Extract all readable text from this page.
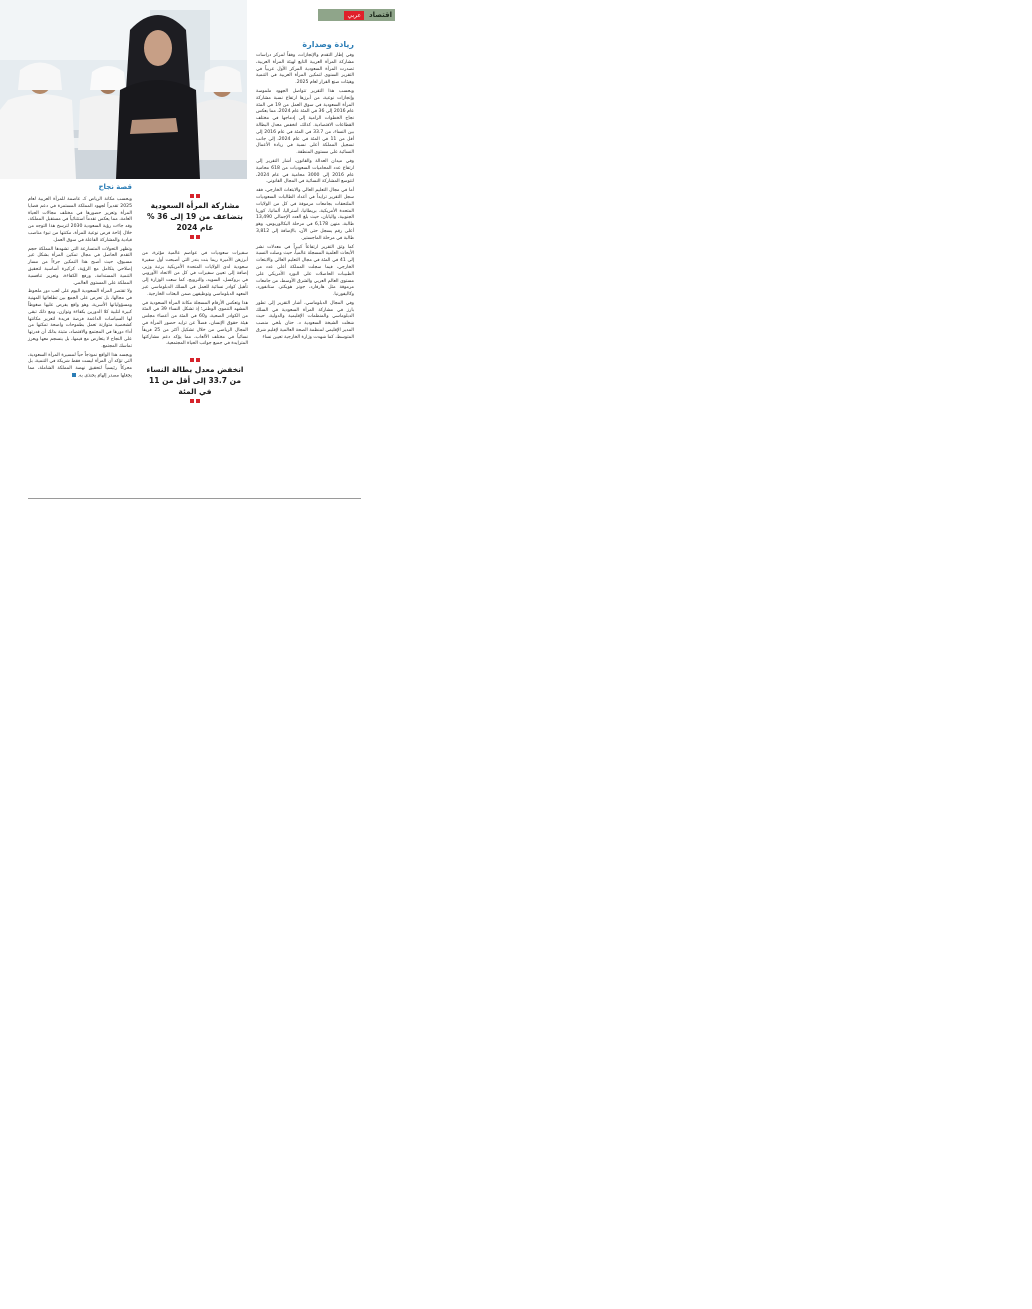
اقتصاد
عربي
ريادة وصدارة

وفي إطار التقدم والإنجازات، وفقاً لمركز دراسات مشاركة المرأة العربية التابع لهيئة المرأة العربية، تصدرت المرأة السعودية المركز الأول عربياً في التقرير السنوي لتمكين المرأة العربية في التنمية وهيئات صنع القرار لعام 2025.

وبحسب هذا التقرير تتواصل الجهود ملموسة وإنجازات نوعية، من أبرزها ارتفاع نسبة مشاركة المرأة السعودية في سوق العمل من 19 في المئة عام 2016 إلى 36 في المئة عام 2024، مما يعكس نجاح الخطوات الرامية إلى إدماجها في مختلف القطاعات الاقتصادية. كذلك، انخفض معدل البطالة بين النساء، من 33.7 في المئة في عام 2016 إلى أقل من 11 في المئة في عام 2024، إلى جانب تسجيل المملكة أعلى نسبة في ريادة الأعمال النسائية على مستوى المنطقة.

وفي ميدان العدالة والقانون، أشار التقرير إلى ارتفاع عدد المحاميات السعوديات من 618 محامية عام 2016 إلى 3000 محامية في عام 2024، لتتوسع المشاركة النسائية في المجال القانوني.

أما في مجال التعليم العالي والابتعاث الخارجي، فقد سجل التقرير تزايداً في أعداد الطالبات السعوديات الملتحقات بجامعات مرموقة في كل من الولايات المتحدة الأمريكية، بريطانيا، أستراليا، ألمانيا، كوريا الجنوبية، واليابان، حيث بلغ العدد الإجمالي 13,490 طالبة، منهن 6,178 في مرحلة البكالوريوس، وهو أعلى رقم يسجل حتى الآن، بالإضافة إلى 3,812 طالبة في مرحلة الماجستير.

كما وثق التقرير ارتفاعاً كبيراً في معدلات نشر الأبحاث العلمية المسجلة عالمياً، حيث وصلت النسبة إلى 41 في المئة في مجال التعليم العالي والابتعاث الخارجي، فيما سجلت المملكة أعلى عدد من الطبيبات الحاصلات على البورد الأمريكي على مستوى العالم العربي والشرق الأوسط، من جامعات مرموقة مثل هارفارد، جونز هوبكنز، ستانفورد، وكاليفورنيا.

وفي المجال الدبلوماسي، أشار التقرير إلى تطور بارز في مشاركة المرأة السعودية في السلك الدبلوماسي والمنظمات الإقليمية والدولية، حيث شغلت الشيخة السعودية د. حنان بلخي منصب المدير الإقليمي لمنظمة الصحة العالمية لإقليم شرق المتوسط، كما شهدت وزارة الخارجية تعيين نساء

مشاركة المرأة السعودية بتضاعف من 19 إلى 36 % عام 2024

سفيرات سعوديات في عواصم عالمية مؤثرة، من أبرزهن الأميرة ريما بنت بندر التي أصبحت أول سفيرة سعودية لدى الولايات المتحدة الأمريكية برتبة وزير، إضافة إلى تعيين سفيرات في كل من الاتحاد الأوروبي في بروكسل، السويد، والنرويج، كما سعت الوزارة إلى تأهيل كوادر نسائية للعمل في السلك الدبلوماسي عبر المعهد الدبلوماسي وتوظيفهن ضمن البعثات الخارجية.

هذا وتعكس الأرقام المسجلة مكانة المرأة السعودية في المشهد التنموي الوطني؛ إذ تشكل النساء 39 في المئة من الكوادر الصحية، و60 في المئة من أعضاء مجلس هيئة حقوق الإنسان، فضلاً عن تزايد حضور المرأة في المجال الرياضي من خلال تشكيل أكثر من 25 فريقاً نسائياً في مختلف الألعاب، مما يؤكد دعم مشاركتها المتزايدة في جميع جوانب الحياة المجتمعية.

انخفض معدل بطالة النساء من 33.7 إلى أقل من 11 في المئة
قصة نجاح

وبحسب مكانة الرياض كـ عاصمة للمرأة العربية لعام 2025 تقديراً لجهود المملكة المستمرة في دعم قضايا المرأة وتعزيز حضورها في مختلف مجالات الحياة العامة، مما يعكس تقدماً استثنائياً في مستقبل المملكة، وقد جاءت رؤية السعودية 2030 لترسخ هذا التوجه من خلال إتاحة فرص نوعية للمرأة، مكنتها من تبوء مناصب قيادية والمشاركة الفاعلة في سوق العمل.

وتظهر التحولات المتسارعة التي تشهدها المملكة حجم التقدم الحاصل في مجال تمكين المرأة بشكل غير مسبوق، حيث أصبح هذا التمكين جزءاً من مسار إصلاحي يتكامل مع الرؤية، كركيزة أساسية لتحقيق التنمية المستدامة، ورفع الكفاءة، وتعزيز تنافسية المملكة على المستوى العالمي.

ولا تقتصر المرأة السعودية اليوم على لعب دور ملحوظ في مجالها، بل تحرص على الجمع بين تطلعاتها المهنية ومسؤولياتها الأسرية، وهو واقع يفرض عليها ضغوطاً كبيرة لتلبية كلا الدورين بكفاءة وتوازن، ومع ذلك تبقى لها السياسات الداعمة فرصة فريدة لتعزيز مكانتها كشخصية متوازنة تعمل بطموحات واضحة تمكنها من أداء دورها في المجتمع والاقتصاد، مثبتة بذلك أن قدرتها على النجاح لا يتعارض مع قيمها، بل ينسجم معها ويعزز تماسك المجتمع.

ويجسد هذا الواقع نموذجاً حياً لمسيرة المرأة السعودية، التي تؤكد أن المرأة ليست فقط شريكة في التنمية، بل محركاً رئيسياً لتحقيق نهضة المملكة الشاملة، مما يجعلها مصدر إلهام يحتذى به.
